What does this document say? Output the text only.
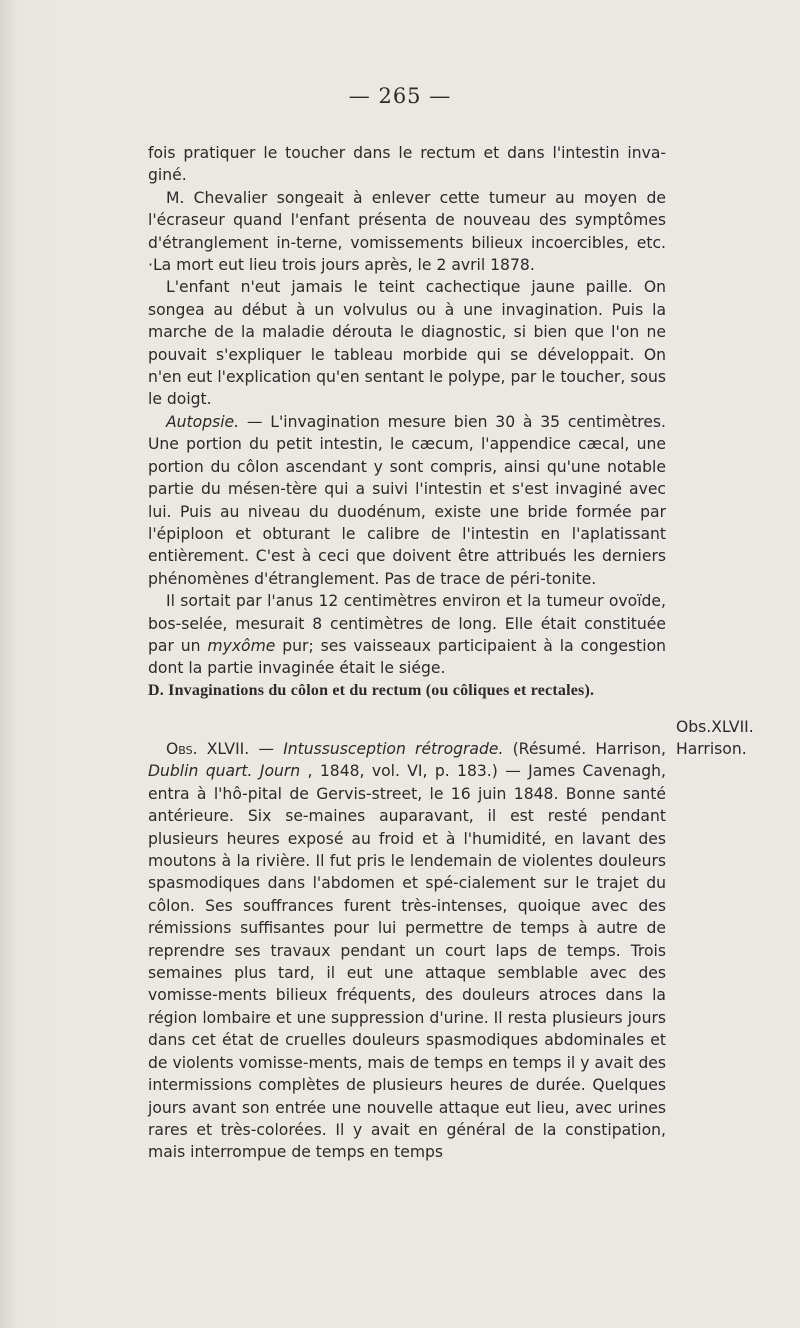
— 265 —

fois pratiquer le toucher dans le rectum et dans l'intestin inva-giné.

M. Chevalier songeait à enlever cette tumeur au moyen de l'écraseur quand l'enfant présenta de nouveau des symptômes d'étranglement in-terne, vomissements bilieux incoercibles, etc. ·La mort eut lieu trois jours après, le 2 avril 1878.

L'enfant n'eut jamais le teint cachectique jaune paille. On songea au début à un volvulus ou à une invagination. Puis la marche de la maladie dérouta le diagnostic, si bien que l'on ne pouvait s'expliquer le tableau morbide qui se développait. On n'en eut l'explication qu'en sentant le polype, par le toucher, sous le doigt.

Autopsie. — L'invagination mesure bien 30 à 35 centimètres. Une portion du petit intestin, le cæcum, l'appendice cæcal, une portion du côlon ascendant y sont compris, ainsi qu'une notable partie du mésen-tère qui a suivi l'intestin et s'est invaginé avec lui. Puis au niveau du duodénum, existe une bride formée par l'épiploon et obturant le calibre de l'intestin en l'aplatissant entièrement. C'est à ceci que doivent être attribués les derniers phénomènes d'étranglement. Pas de trace de péri-tonite.

Il sortait par l'anus 12 centimètres environ et la tumeur ovoïde, bos-selée, mesurait 8 centimètres de long. Elle était constituée par un myxôme pur; ses vaisseaux participaient à la congestion dont la partie invaginée était le siége.

D. Invaginations du côlon et du rectum (ou côliques et rectales).
Obs.XLVII.
Harrison.

Obs. XLVII. — Intussusception rétrograde. (Résumé. Harrison, Dublin quart. Journ , 1848, vol. VI, p. 183.) — James Cavenagh, entra à l'hô-pital de Gervis-street, le 16 juin 1848. Bonne santé antérieure. Six se-maines auparavant, il est resté pendant plusieurs heures exposé au froid et à l'humidité, en lavant des moutons à la rivière. Il fut pris le lendemain de violentes douleurs spasmodiques dans l'abdomen et spé-cialement sur le trajet du côlon. Ses souffrances furent très-intenses, quoique avec des rémissions suffisantes pour lui permettre de temps à autre de reprendre ses travaux pendant un court laps de temps. Trois semaines plus tard, il eut une attaque semblable avec des vomisse-ments bilieux fréquents, des douleurs atroces dans la région lombaire et une suppression d'urine. Il resta plusieurs jours dans cet état de cruelles douleurs spasmodiques abdominales et de violents vomisse-ments, mais de temps en temps il y avait des intermissions complètes de plusieurs heures de durée. Quelques jours avant son entrée une nouvelle attaque eut lieu, avec urines rares et très-colorées. Il y avait en général de la constipation, mais interrompue de temps en temps
